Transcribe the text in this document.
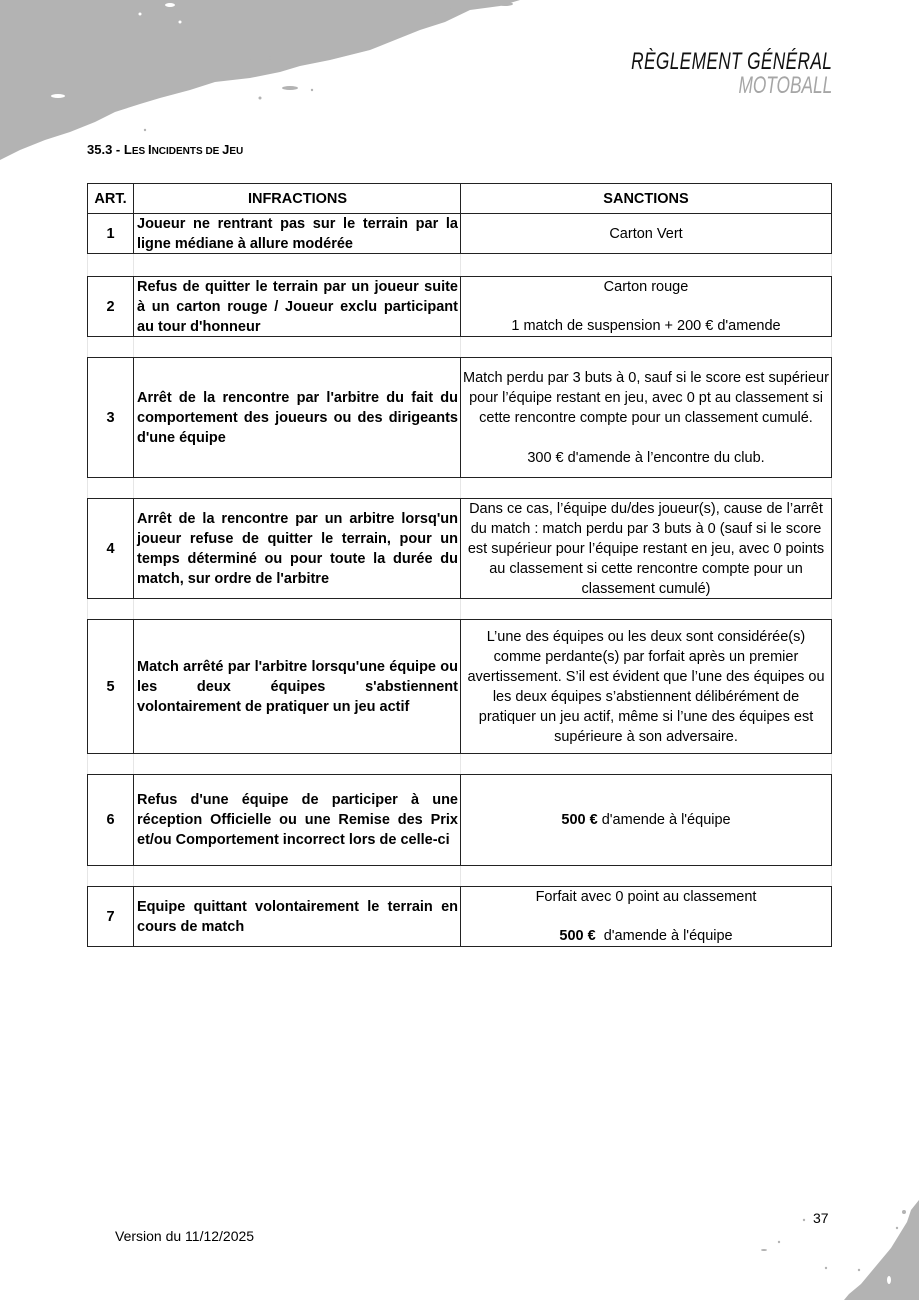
RÈGLEMENT GÉNÉRAL
MOTOBALL
35.3 - LES INCIDENTS DE JEU
ART.	INFRACTIONS	SANCTIONS
1
Joueur ne rentrant pas sur le terrain par la ligne médiane à allure modérée
Carton Vert
2
Refus de quitter le terrain par un joueur suite à un carton rouge / Joueur exclu participant au tour d'honneur
Carton rouge
1 match de suspension + 200 € d'amende
3
Arrêt de la rencontre par l'arbitre du fait du comportement des joueurs ou des dirigeants d'une équipe
Match perdu par 3 buts à 0, sauf si le score est supérieur pour l’équipe restant en jeu, avec 0 pt au classement si cette rencontre compte pour un classement cumulé.
300 € d'amende à l’encontre du club.
4
Arrêt de la rencontre par un arbitre lorsq'un joueur refuse de quitter le terrain, pour un temps déterminé ou pour toute la durée du match, sur ordre de l'arbitre
Dans ce cas, l’équipe du/des joueur(s), cause de l’arrêt du match : match perdu par 3 buts à 0 (sauf si le score est supérieur pour l’équipe restant en jeu, avec 0 points au classement si cette rencontre compte pour un classement cumulé)
5
Match arrêté par l'arbitre lorsqu'une équipe ou les deux équipes s'abstiennent volontairement de pratiquer un jeu actif
L’une des équipes ou les deux sont considérée(s) comme perdante(s) par forfait après un premier avertissement. S’il est évident que l’une des équipes ou les deux équipes s’abstiennent délibérément de pratiquer un jeu actif, même si l’une des équipes est supérieure à son adversaire.
6
Refus d'une équipe de participer à une réception Officielle ou une Remise des Prix et/ou Comportement incorrect lors de celle-ci
500 € d'amende à l'équipe
7
Equipe quittant volontairement le terrain en cours de match
Forfait avec 0 point au classement
500 €  d'amende à l'équipe
Version du 11/12/2025
37
